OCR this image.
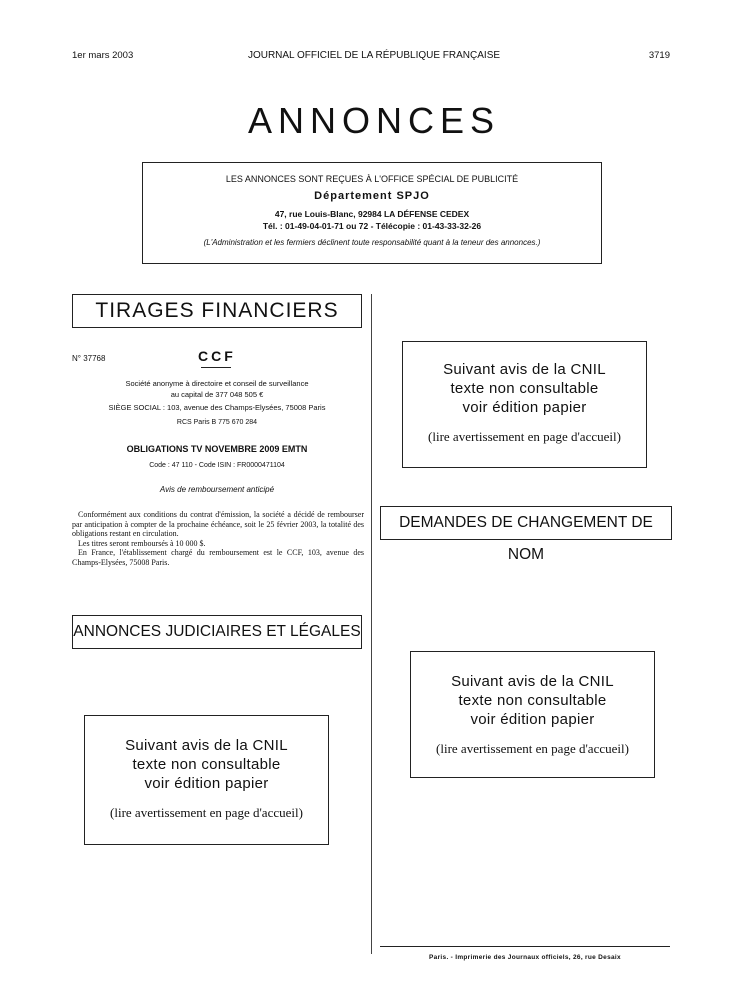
1er mars 2003	JOURNAL OFFICIEL DE LA RÉPUBLIQUE FRANÇAISE	3719
ANNONCES
LES ANNONCES SONT REÇUES À L'OFFICE SPÉCIAL DE PUBLICITÉ
Département SPJO
47, rue Louis-Blanc, 92984 LA DÉFENSE CEDEX
Tél. : 01-49-04-01-71 ou 72 - Télécopie : 01-43-33-32-26
(L'Administration et les fermiers déclinent toute responsabilité quant à la teneur des annonces.)
TIRAGES FINANCIERS
DEMANDES DE CHANGEMENT DE NOM
ANNONCES JUDICIAIRES ET LÉGALES
N° 37768	CCF
Société anonyme à directoire et conseil de surveillance
au capital de 377 048 505 €
SIÈGE SOCIAL : 103, avenue des Champs-Elysées, 75008 Paris
RCS Paris B 775 670 284
OBLIGATIONS TV NOVEMBRE 2009 EMTN
Code : 47 110 - Code ISIN : FR0000471104
Avis de remboursement anticipé

Conformément aux conditions du contrat d'émission, la société a décidé de rembourser par anticipation à compter de la prochaine échéance, soit le 25 février 2003, la totalité des obligations restant en circulation.

Les titres seront remboursés à 10 000 $.

En France, l'établissement chargé du remboursement est le CCF, 103, avenue des Champs-Elysées, 75008 Paris.

Suivant avis de la CNIL
texte non consultable
voir édition papier
(lire avertissement en page d'accueil)
Suivant avis de la CNIL
texte non consultable
voir édition papier
(lire avertissement en page d'accueil)
Suivant avis de la CNIL
texte non consultable
voir édition papier
(lire avertissement en page d'accueil)
Paris. - Imprimerie des Journaux officiels, 26, rue Desaix
